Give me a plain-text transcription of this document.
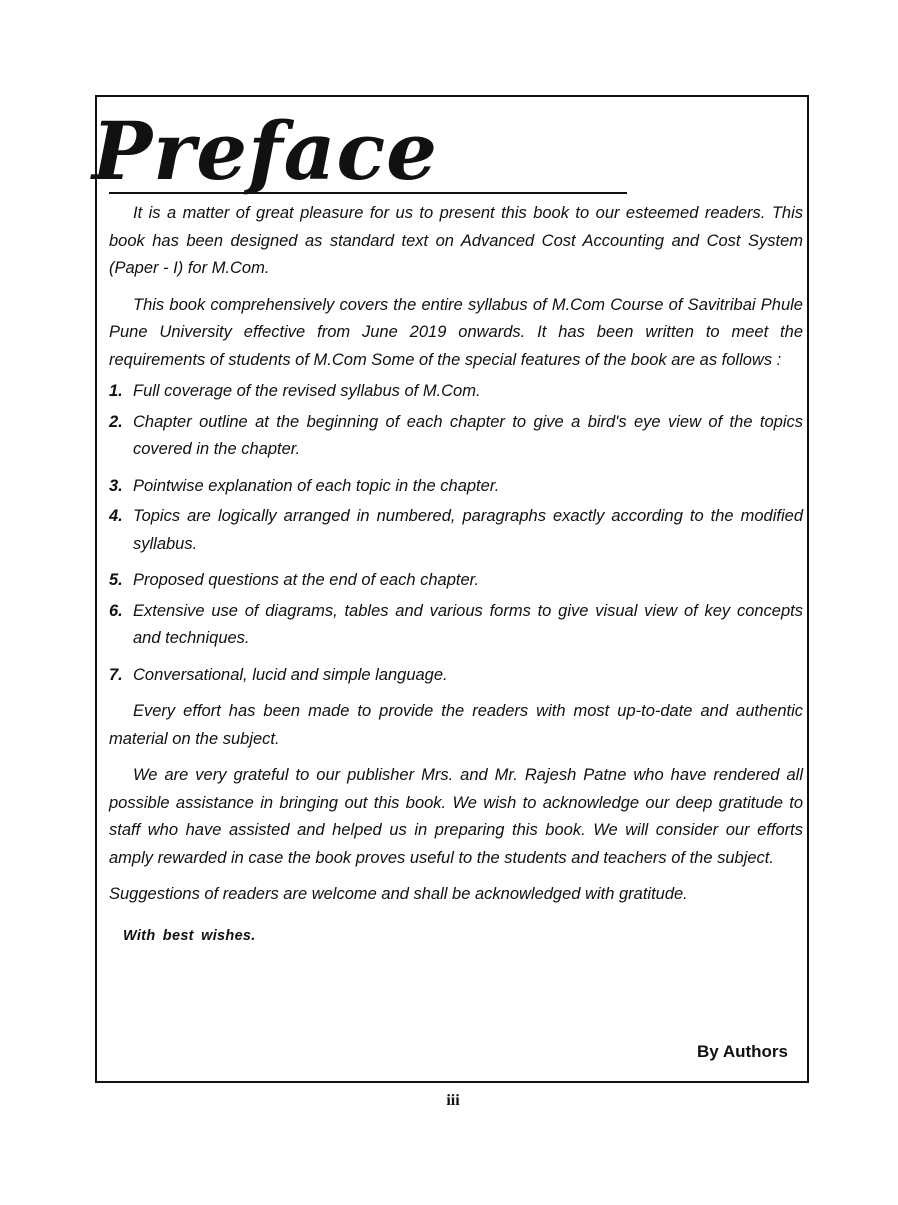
Preface

It is a matter of great pleasure for us to present this book to our esteemed readers. This book has been designed as standard text on Advanced Cost Accounting and Cost System (Paper - I) for M.Com.

This book comprehensively covers the entire syllabus of M.Com Course of Savitribai Phule Pune University effective from June 2019 onwards. It has been written to meet the requirements of students of M.Com Some of the special features of the book are as follows :

1. Full coverage of the revised syllabus of M.Com.
2. Chapter outline at the beginning of each chapter to give a bird's eye view of the topics covered in the chapter.
3. Pointwise explanation of each topic in the chapter.
4. Topics are logically arranged in numbered, paragraphs exactly according to the modified syllabus.
5. Proposed questions at the end of each chapter.
6. Extensive use of diagrams, tables and various forms to give visual view of key concepts and techniques.
7. Conversational, lucid and simple language.

Every effort has been made to provide the readers with most up-to-date and authentic material on the subject.

We are very grateful to our publisher Mrs. and Mr. Rajesh Patne who have rendered all possible assistance in bringing out this book. We wish to acknowledge our deep gratitude to staff who have assisted and helped us in preparing this book. We will consider our efforts amply rewarded in case the book proves useful to the students and teachers of the subject.

Suggestions of readers are welcome and shall be acknowledged with gratitude.

With best wishes.

By Authors
iii
